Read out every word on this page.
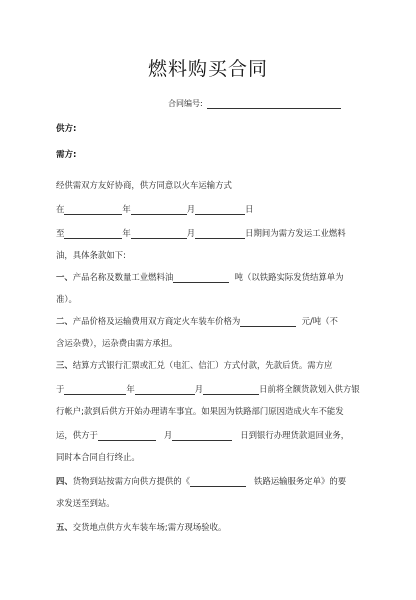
燃料购买合同
合同编号:
供方:
需方:
经供需双方友好协商，供方同意以火车运输方式
在	年	月	日
至	年	月	日期间为需方发运工业燃料
油，具体条款如下:
一、产品名称及数量工业燃料油	吨（以铁路实际发货结算单为
准）。
二、产品价格及运输费用双方商定火车装车价格为	元/吨（不
含运杂费），运杂费由需方承担。
三、结算方式银行汇票或汇兑（电汇、信汇）方式付款，先款后货。需方应
于	年	月	日前将全额货款划入供方银
行帐户;款到后供方开始办理请车事宜。如果因为铁路部门原因造成火车不能发
运，供方于	月	日到银行办理货款退回业务，
同时本合同自行终止。
四、货物到站按需方向供方提供的《	铁路运输服务定单》的要
求发送至到站。
五、交货地点供方火车装车场;需方现场验收。
